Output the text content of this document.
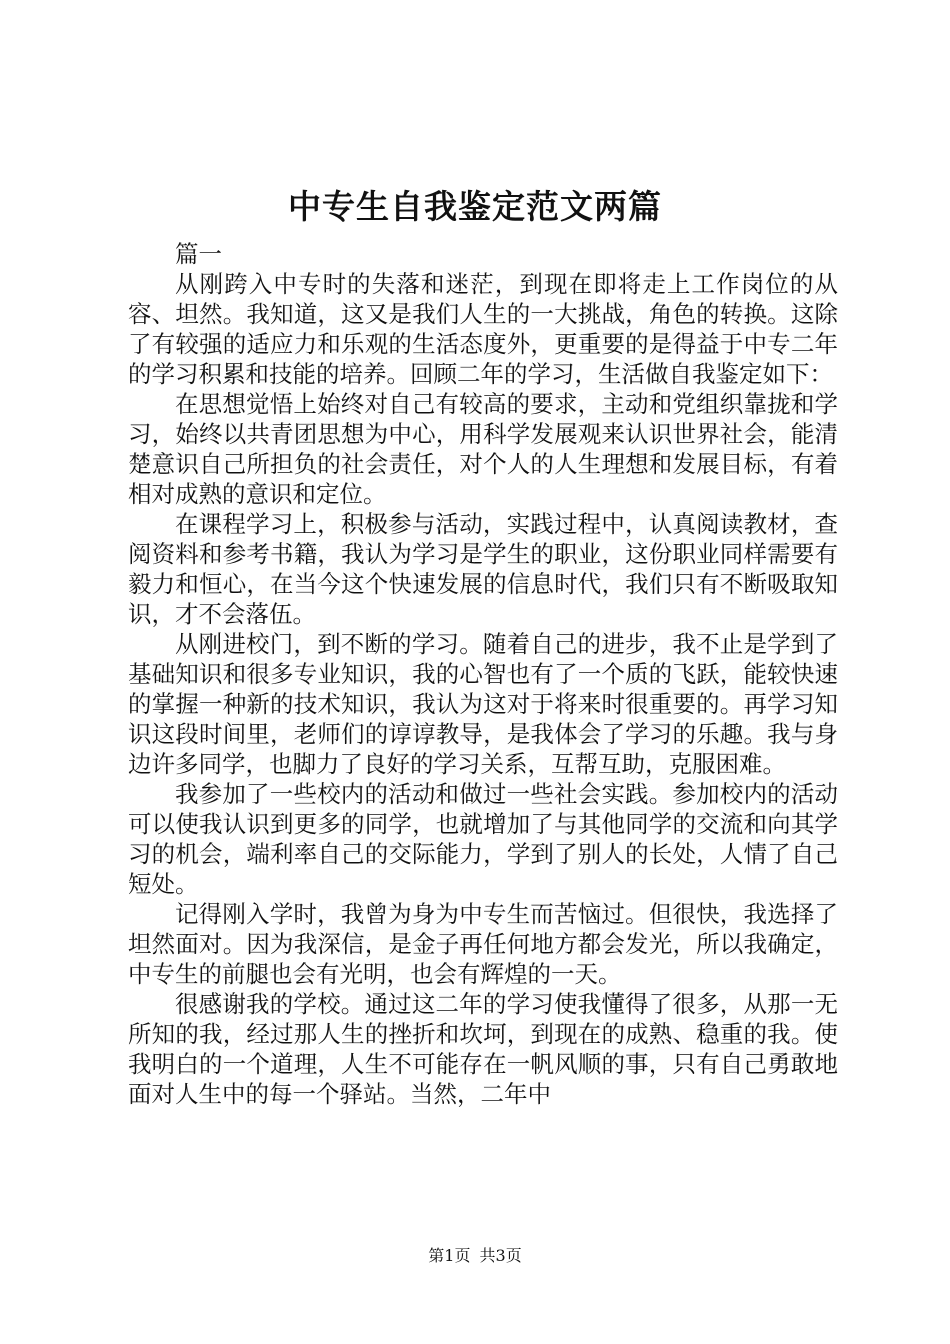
中专生自我鉴定范文两篇

篇一

从刚跨入中专时的失落和迷茫，到现在即将走上工作岗位的从容、坦然。我知道，这又是我们人生的一大挑战，角色的转换。这除了有较强的适应力和乐观的生活态度外，更重要的是得益于中专二年的学习积累和技能的培养。回顾二年的学习，生活做自我鉴定如下：

在思想觉悟上始终对自己有较高的要求，主动和党组织靠拢和学习，始终以共青团思想为中心，用科学发展观来认识世界社会，能清楚意识自己所担负的社会责任，对个人的人生理想和发展目标，有着相对成熟的意识和定位。

在课程学习上，积极参与活动，实践过程中，认真阅读教材，查阅资料和参考书籍，我认为学习是学生的职业，这份职业同样需要有毅力和恒心，在当今这个快速发展的信息时代，我们只有不断吸取知识，才不会落伍。

从刚进校门，到不断的学习。随着自己的进步，我不止是学到了基础知识和很多专业知识，我的心智也有了一个质的飞跃，能较快速的掌握一种新的技术知识，我认为这对于将来时很重要的。再学习知识这段时间里，老师们的谆谆教导，是我体会了学习的乐趣。我与身边许多同学，也脚力了良好的学习关系，互帮互助，克服困难。

我参加了一些校内的活动和做过一些社会实践。参加校内的活动可以使我认识到更多的同学，也就增加了与其他同学的交流和向其学习的机会，端利率自己的交际能力，学到了别人的长处，人情了自己短处。

记得刚入学时，我曾为身为中专生而苦恼过。但很快，我选择了坦然面对。因为我深信，是金子再任何地方都会发光，所以我确定，中专生的前腿也会有光明，也会有辉煌的一天。

很感谢我的学校。通过这二年的学习使我懂得了很多，从那一无所知的我，经过那人生的挫折和坎坷，到现在的成熟、稳重的我。使我明白的一个道理，人生不可能存在一帆风顺的事，只有自己勇敢地面对人生中的每一个驿站。当然，二年中

第1页 共3页
